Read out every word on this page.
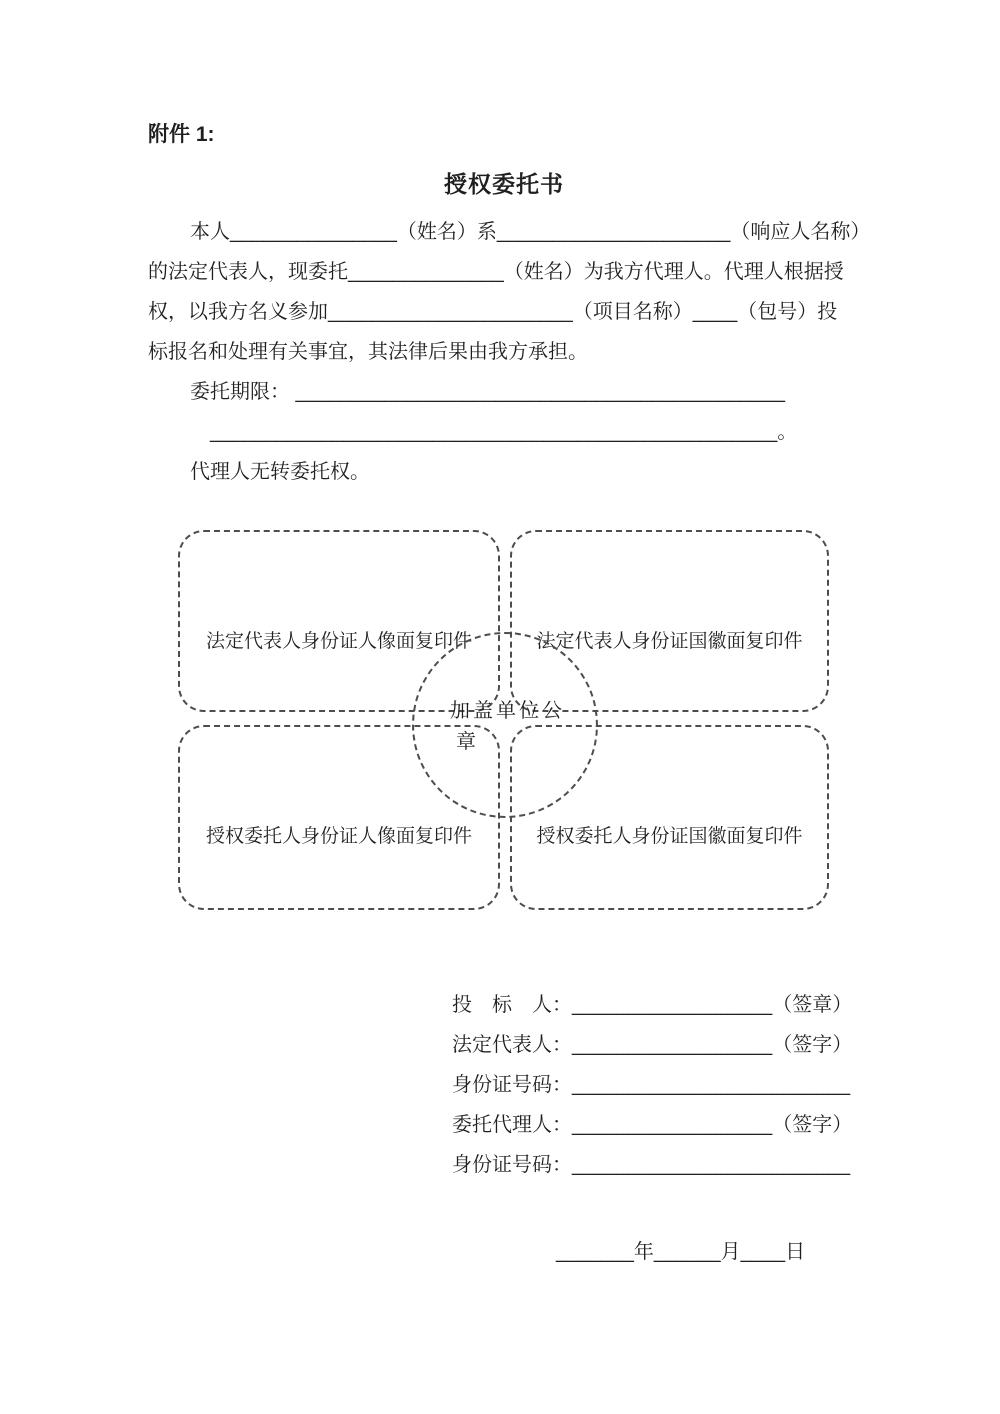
附件 1:
授权委托书
本人_______________（姓名）系_____________________（响应人名称）
的法定代表人，现委托______________（姓名）为我方代理人。代理人根据授
权，以我方名义参加______________________（项目名称）____（包号）投
标报名和处理有关事宜，其法律后果由我方承担。
委托期限： ____________________________________________
___________________________________________________。
代理人无转委托权。
法定代表人身份证人像面复印件	法定代表人身份证国徽面复印件
授权委托人身份证人像面复印件	授权委托人身份证国徽面复印件
加盖单位公
章
投　标　人：__________________（签章）
法定代表人：__________________（签字）
身份证号码：_________________________
委托代理人：__________________（签字）
身份证号码：_________________________
_______年______月____日
